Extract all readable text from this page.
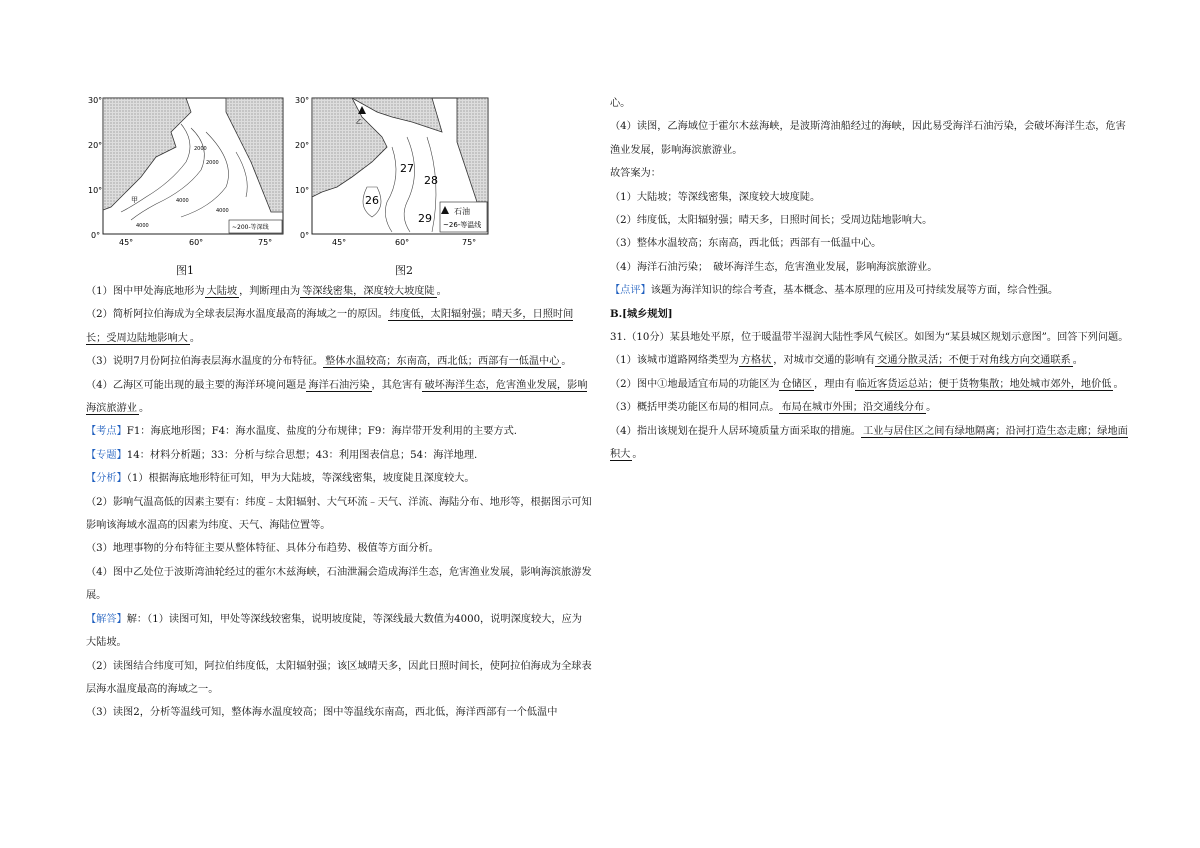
30°
20°
10°
0°
45°	60°	75°
2000
2000
4000
4000
4000
甲
~200-等深线
30°
20°
10°
0°
45°	60°	75°
27
28
26
29
乙
石油
~26-等温线
图1	图2

（1）图中甲处海底地形为 大陆坡 ，判断理由为 等深线密集，深度较大坡度陡 。

（2）简析阿拉伯海成为全球表层海水温度最高的海域之一的原因。 纬度低，太阳辐射强；晴天多，日照时间长；受周边陆地影响大 。

（3）说明7月份阿拉伯海表层海水温度的分布特征。 整体水温较高；东南高，西北低；西部有一低温中心 。

（4）乙海区可能出现的最主要的海洋环境问题是 海洋石油污染 ，其危害有 破坏海洋生态，危害渔业发展，影响海滨旅游业 。

【考点】F1：海底地形图；F4：海水温度、盐度的分布规律；F9：海岸带开发利用的主要方式.

【专题】14：材料分析题；33：分析与综合思想；43：利用图表信息；54：海洋地理.

【分析】（1）根据海底地形特征可知，甲为大陆坡，等深线密集，坡度陡且深度较大。

（2）影响气温高低的因素主要有：纬度﹣太阳辐射、大气环流﹣天气、洋流、海陆分布、地形等，根据图示可知影响该海域水温高的因素为纬度、天气、海陆位置等。

（3）地理事物的分布特征主要从整体特征、具体分布趋势、极值等方面分析。

（4）图中乙处位于波斯湾油轮经过的霍尔木兹海峡，石油泄漏会造成海洋生态，危害渔业发展，影响海滨旅游发展。

【解答】解：（1）读图可知，甲处等深线较密集，说明坡度陡，等深线最大数值为4000，说明深度较大，应为大陆坡。

（2）读图结合纬度可知，阿拉伯纬度低，太阳辐射强；该区域晴天多，因此日照时间长，使阿拉伯海成为全球表层海水温度最高的海域之一。

（3）读图2，分析等温线可知，整体海水温度较高；图中等温线东南高，西北低，海洋西部有一个低温中

心。

（4）读图，乙海域位于霍尔木兹海峡，是波斯湾油船经过的海峡，因此易受海洋石油污染，会破坏海洋生态，危害渔业发展，影响海滨旅游业。

故答案为：

（1）大陆坡；等深线密集，深度较大坡度陡。

（2）纬度低，太阳辐射强；晴天多，日照时间长；受周边陆地影响大。

（3）整体水温较高；东南高，西北低；西部有一低温中心。

（4）海洋石油污染；　破坏海洋生态，危害渔业发展，影响海滨旅游业。

【点评】该题为海洋知识的综合考查，基本概念、基本原理的应用及可持续发展等方面，综合性强。

B.[城乡规划]

31.（10分）某县地处平原，位于暖温带半湿润大陆性季风气候区。如图为“某县城区规划示意图”。回答下列问题。

（1）该城市道路网络类型为 方格状 ，对城市交通的影响有 交通分散灵活；不便于对角线方向交通联系 。

（2）图中①地最适宜布局的功能区为 仓储区 ，理由有 临近客货运总站；便于货物集散；地处城市郊外，地价低 。

（3）概括甲类功能区布局的相同点。 布局在城市外围；沿交通线分布 。

（4）指出该规划在提升人居环境质量方面采取的措施。 工业与居住区之间有绿地隔离；沿河打造生态走廊；绿地面积大 。
